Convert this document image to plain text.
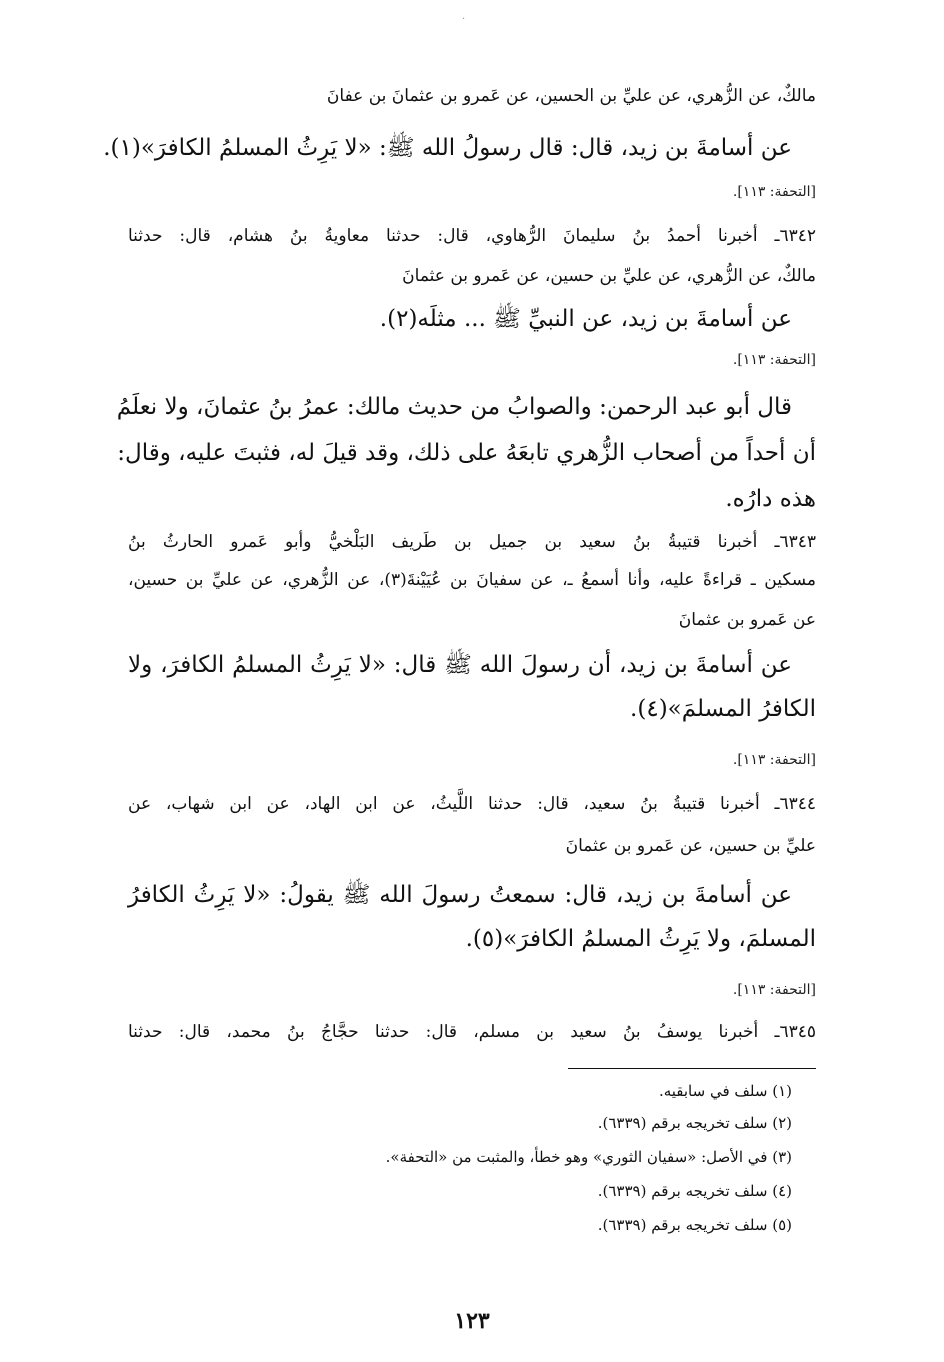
·
مالكٌ، عن الزُّهري، عن عليِّ بن الحسين، عن عَمرو بن عثمانَ بن عفانَ
عن أسامةَ بن زيد، قال: قال رسولُ الله ﷺ: «لا يَرِثُ المسلمُ الكافرَ»(١).
[التحفة: ١١٣].
٦٣٤٢ـ أخبرنا أحمدُ بنُ سليمانَ الرُّهاوي، قال: حدثنا معاويةُ بنُ هشام، قال: حدثنا
مالكٌ، عن الزُّهري، عن عليِّ بن حسين، عن عَمرو بن عثمانَ
عن أسامةَ بن زيد، عن النبيِّ ﷺ ... مثلَه(٢).
[التحفة: ١١٣].
قال أبو عبد الرحمن: والصوابُ من حديث مالك: عمرُ بنُ عثمانَ، ولا نعلَمُ
أن أحداً من أصحاب الزُّهري تابعَهُ على ذلك، وقد قيلَ له، فثبتَ عليه، وقال:
هذه دارُه.
٦٣٤٣ـ أخبرنا قتيبةُ بنُ سعيد بن جميل بن طَريف البَلْخيُّ وأبو عَمرو الحارثُ بنُ
مسكين ـ قراءةً عليه، وأنا أسمعُ ـ، عن سفيانَ بن عُيَيْنةَ(٣)، عن الزُّهري، عن عليِّ بن حسين،
عن عَمرو بن عثمانَ
عن أسامةَ بن زيد، أن رسولَ الله ﷺ قال: «لا يَرِثُ المسلمُ الكافرَ، ولا
الكافرُ المسلمَ»(٤).
[التحفة: ١١٣].
٦٣٤٤ـ أخبرنا قتيبةُ بنُ سعيد، قال: حدثنا اللَّيثُ، عن ابن الهاد، عن ابن شهاب، عن
عليِّ بن حسين، عن عَمرو بن عثمانَ
عن أسامةَ بن زيد، قال: سمعتُ رسولَ الله ﷺ يقولُ: «لا يَرِثُ الكافرُ
المسلمَ، ولا يَرِثُ المسلمُ الكافرَ»(٥).
[التحفة: ١١٣].
٦٣٤٥ـ أخبرنا يوسفُ بنُ سعيد بن مسلم، قال: حدثنا حجَّاجُ بنُ محمد، قال: حدثنا
(١) سلف في سابقيه.
(٢) سلف تخريجه برقم (٦٣٣٩).
(٣) في الأصل: «سفيان الثوري» وهو خطأ، والمثبت من «التحفة».
(٤) سلف تخريجه برقم (٦٣٣٩).
(٥) سلف تخريجه برقم (٦٣٣٩).
١٢٣
